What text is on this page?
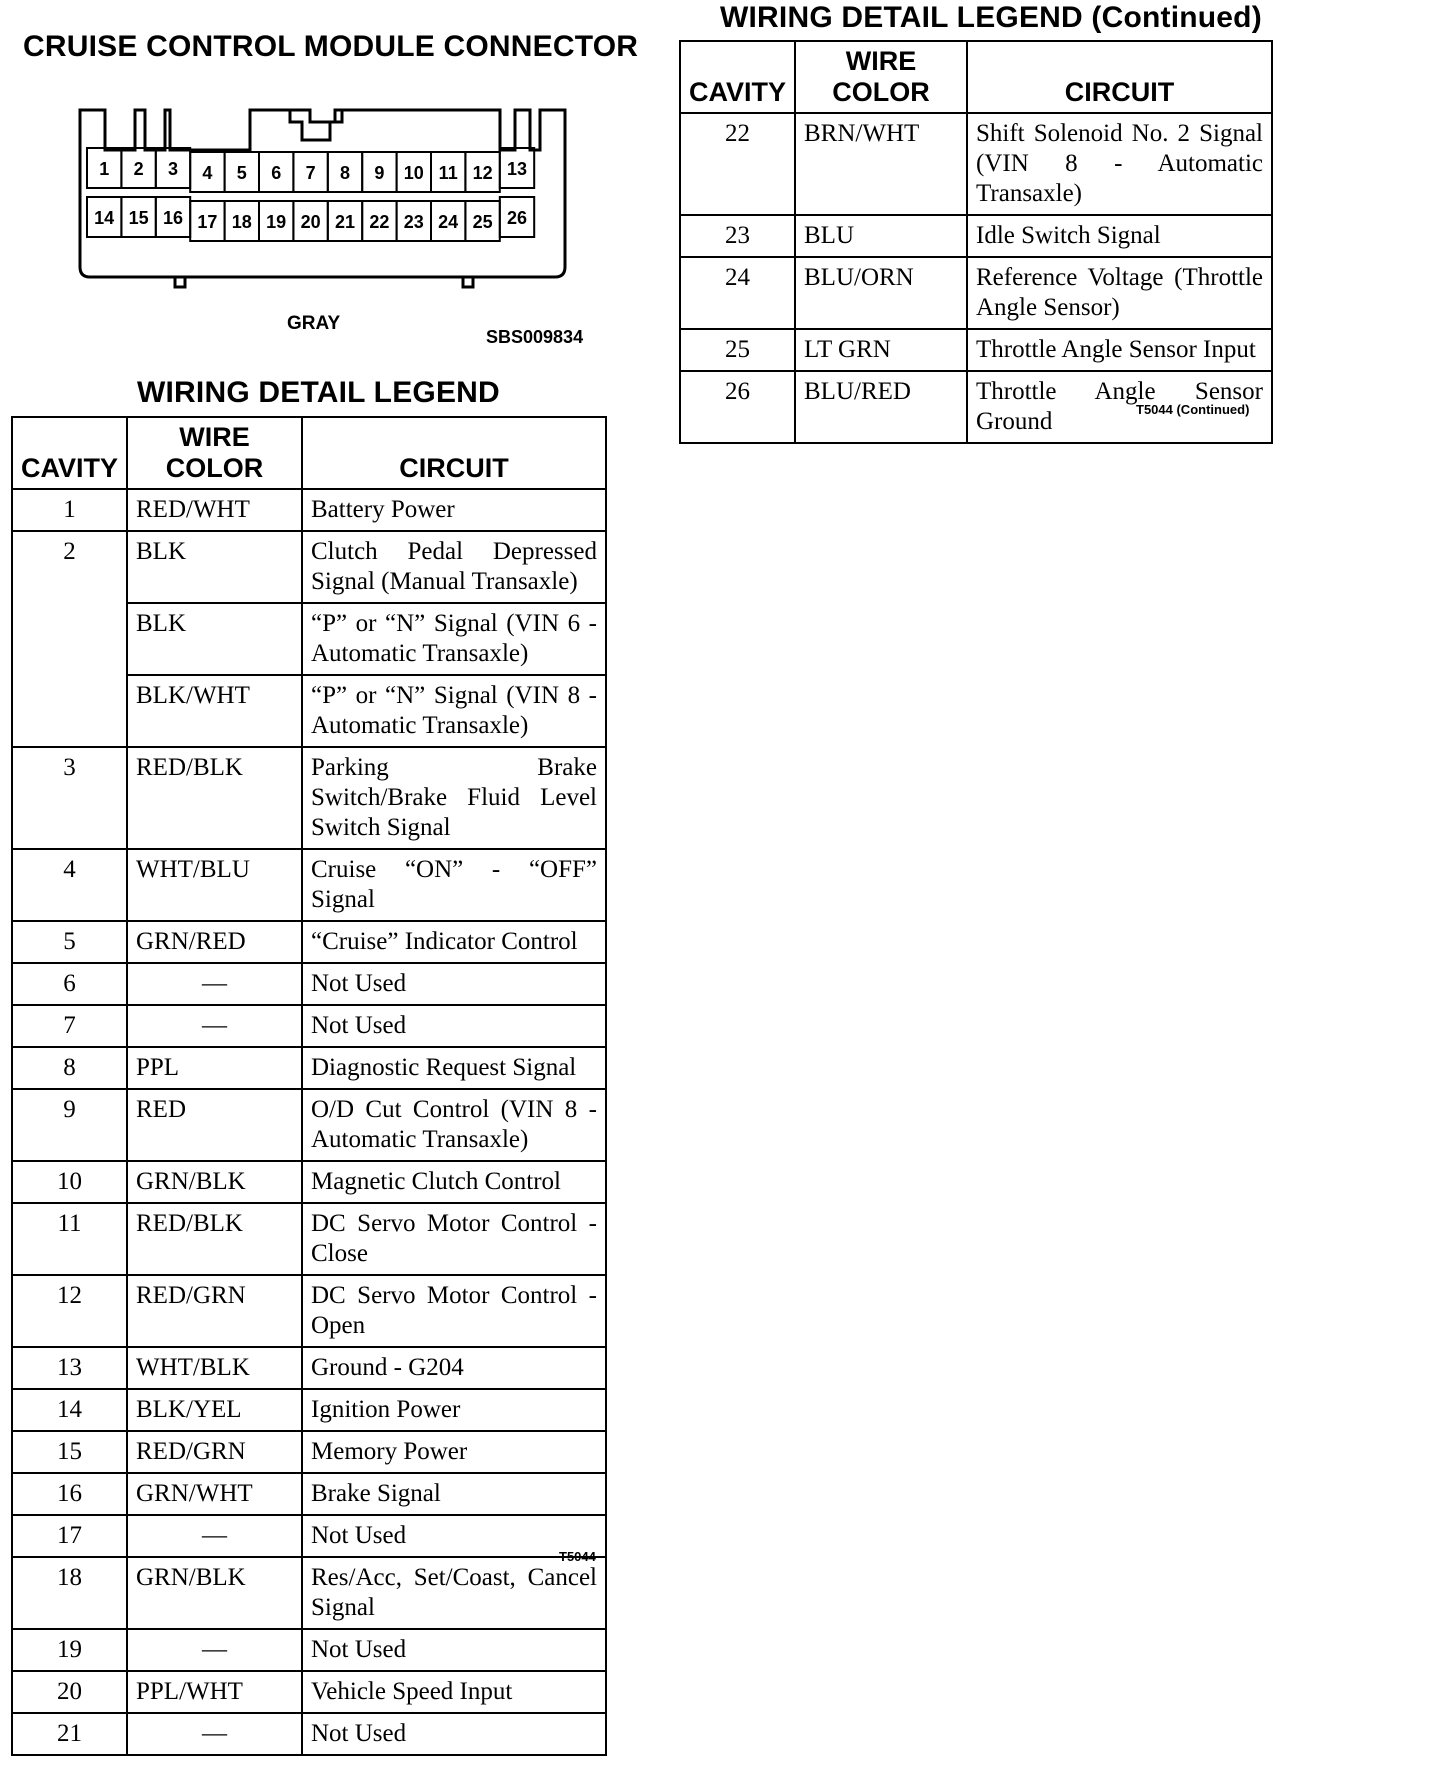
CRUISE CONTROL MODULE CONNECTOR
1 2 3 4 5 6 7 8 9 10 11 12 13
14 15 16 17 18 19 20 21 22 23 24 25 26
GRAY
SBS009834
WIRING DETAIL LEGEND
CAVITY	WIRE COLOR	CIRCUIT
1	RED/WHT	Battery Power
2	BLK	Clutch Pedal Depressed Signal (Manual Transaxle)
	BLK	“P” or “N” Signal (VIN 6 - Automatic Transaxle)
	BLK/WHT	“P” or “N” Signal (VIN 8 - Automatic Transaxle)
3	RED/BLK	Parking Brake Switch/Brake Fluid Level Switch Signal
4	WHT/BLU	Cruise “ON” - “OFF” Signal
5	GRN/RED	“Cruise” Indicator Control
6	—	Not Used
7	—	Not Used
8	PPL	Diagnostic Request Signal
9	RED	O/D Cut Control (VIN 8 - Automatic Transaxle)
10	GRN/BLK	Magnetic Clutch Control
11	RED/BLK	DC Servo Motor Control - Close
12	RED/GRN	DC Servo Motor Control - Open
13	WHT/BLK	Ground - G204
14	BLK/YEL	Ignition Power
15	RED/GRN	Memory Power
16	GRN/WHT	Brake Signal
17	—	Not Used
18	GRN/BLK	Res/Acc, Set/Coast, Cancel Signal
19	—	Not Used
20	PPL/WHT	Vehicle Speed Input
21	—	Not Used
T5044
WIRING DETAIL LEGEND (Continued)
CAVITY	WIRE COLOR	CIRCUIT
22	BRN/WHT	Shift Solenoid No. 2 Signal (VIN 8 - Automatic Transaxle)
23	BLU	Idle Switch Signal
24	BLU/ORN	Reference Voltage (Throttle Angle Sensor)
25	LT GRN	Throttle Angle Sensor Input
26	BLU/RED	Throttle Angle Sensor Ground	T5044 (Continued)
